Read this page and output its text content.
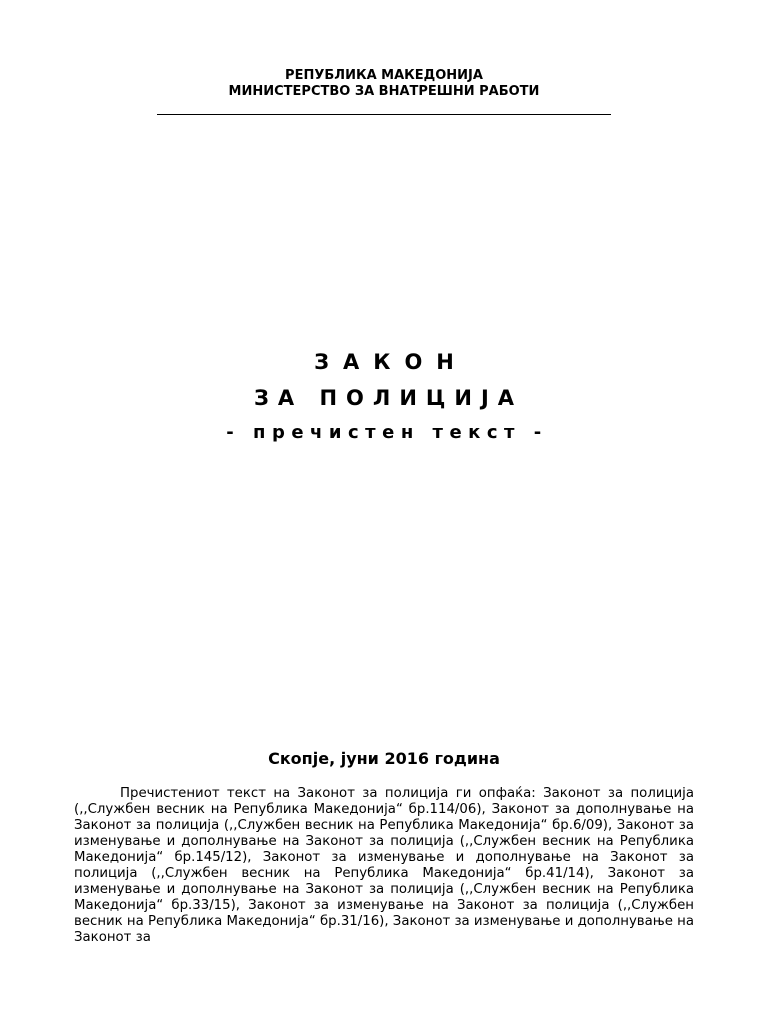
РЕПУБЛИКА МАКЕДОНИЈА
МИНИСТЕРСТВО ЗА ВНАТРЕШНИ РАБОТИ
ЗАКОН
ЗА ПОЛИЦИЈА
- пречистен текст -
Скопје, јуни 2016 година

Пречистениот текст на Законот за полиција ги опфаќа: Законот за полиција (,,Службен весник на Република Македонија“ бр.114/06), Законот за дополнување на Законот за полиција (,,Службен весник на Република Македонија“ бр.6/09), Законот за изменување и дополнување на Законот за полиција (,,Службен весник на Република Македонија“ бр.145/12), Законот за изменување и дополнување на Законот за полиција (,,Службен весник на Република Македонија“ бр.41/14), Законот за изменување и дополнување на Законот за полиција (,,Службен весник на Република Македонија“ бр.33/15), Законот за изменување на Законот за полиција (,,Службен весник на Република Македонија“ бр.31/16), Законот за изменување и дополнување на Законот за
